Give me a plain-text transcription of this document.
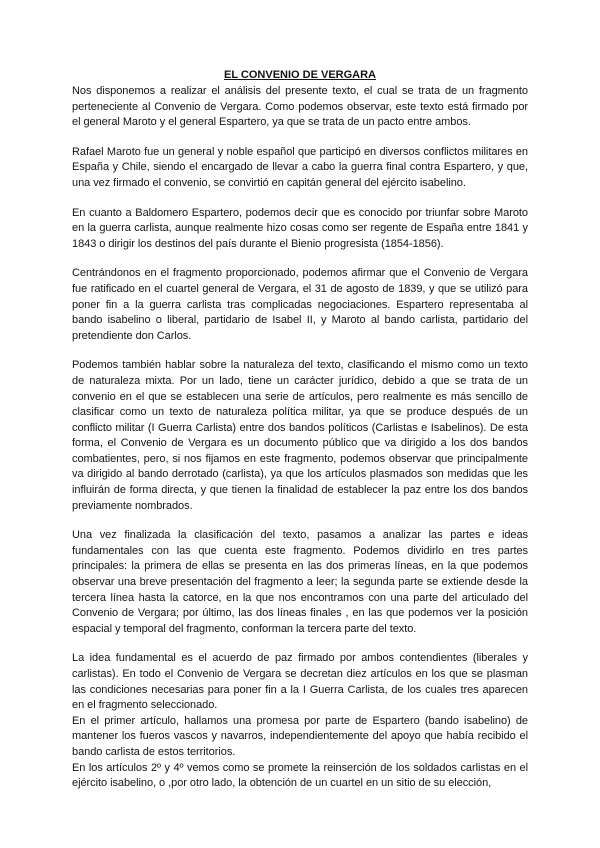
EL CONVENIO DE VERGARA

Nos disponemos a realizar el análisis del presente texto, el cual se trata de un fragmento perteneciente al Convenio de Vergara. Como podemos observar, este texto está firmado por el general Maroto y el general Espartero, ya que se trata de un pacto entre ambos.

Rafael Maroto fue un general y noble español que participó en diversos conflictos militares en España y Chile, siendo el encargado de llevar a cabo la guerra final contra Espartero, y que, una vez firmado el convenio, se convirtió en capitán general del ejército isabelino.

En cuanto a Baldomero Espartero, podemos decir que es conocido por triunfar sobre Maroto en la guerra carlista, aunque realmente hizo cosas como ser regente de España entre 1841 y 1843 o dirigir los destinos del país durante el Bienio progresista (1854-1856).

Centrándonos en el fragmento proporcionado, podemos afirmar que el Convenio de Vergara fue ratificado en el cuartel general de Vergara, el 31 de agosto de 1839, y que se utilizó para poner fin a la guerra carlista tras complicadas negociaciones. Espartero representaba al bando isabelino o liberal, partidario de Isabel II, y Maroto al bando carlista, partidario del pretendiente don Carlos.

Podemos también hablar sobre la naturaleza del texto, clasificando el mismo como un texto de naturaleza mixta. Por un lado, tiene un carácter jurídico, debido a que se trata de un convenio en el que se establecen una serie de artículos, pero realmente es más sencillo de clasificar como un texto de naturaleza política militar, ya que se produce después de un conflicto militar (I Guerra Carlista) entre dos bandos políticos (Carlistas e Isabelinos). De esta forma, el Convenio de Vergara es un documento público que va dirigido a los dos bandos combatientes, pero, si nos fijamos en este fragmento, podemos observar que principalmente va dirigido al bando derrotado (carlista), ya que los artículos plasmados son medidas que les influirán de forma directa, y que tienen la finalidad de establecer la paz entre los dos bandos previamente nombrados.

Una vez finalizada la clasificación del texto, pasamos a analizar las partes e ideas fundamentales con las que cuenta este fragmento. Podemos dividirlo en tres partes principales: la primera de ellas se presenta en las dos primeras líneas, en la que podemos observar una breve presentación del fragmento a leer; la segunda parte se extiende desde la tercera línea hasta la catorce, en la que nos encontramos con una parte del articulado del Convenio de Vergara; por último, las dos líneas finales , en las que podemos ver la posición espacial y temporal del fragmento, conforman la tercera parte del texto.

La idea fundamental es el acuerdo de paz firmado por ambos contendientes (liberales y carlistas). En todo el Convenio de Vergara se decretan diez artículos en los que se plasman las condiciones necesarias para poner fin a la I Guerra Carlista, de los cuales tres aparecen en el fragmento seleccionado.

En el primer artículo, hallamos una promesa por parte de Espartero (bando isabelino) de mantener los fueros vascos y navarros, independientemente del apoyo que había recibido el bando carlista de estos territorios.

En los artículos 2º y 4º vemos como se promete la reinserción de los soldados carlistas en el ejército isabelino, o ,por otro lado, la obtención de un cuartel en un sitio de su elección,
